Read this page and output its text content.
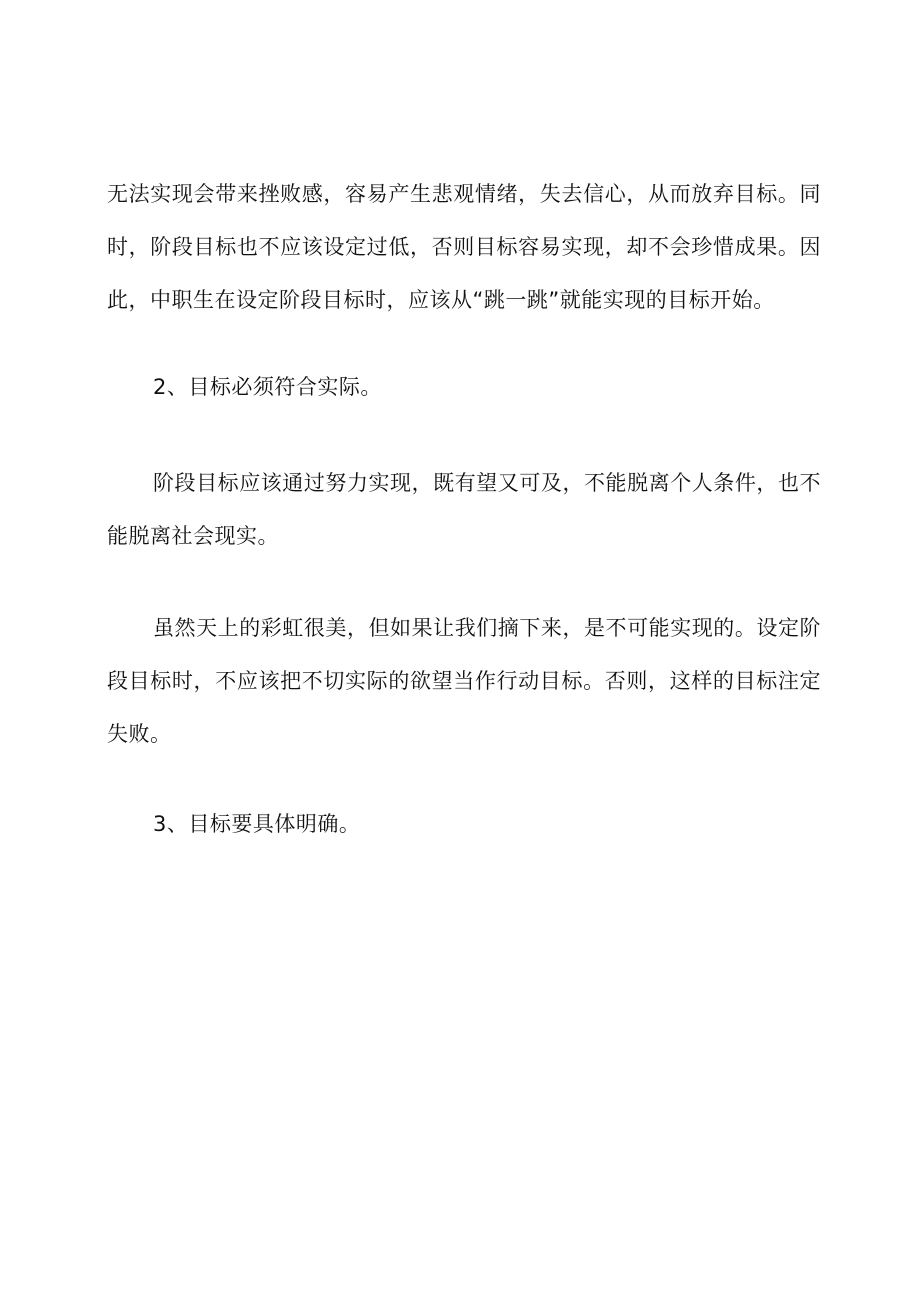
无法实现会带来挫败感，容易产生悲观情绪，失去信心，从而放弃目标。同时，阶段目标也不应该设定过低，否则目标容易实现，却不会珍惜成果。因此，中职生在设定阶段目标时，应该从“跳一跳”就能实现的目标开始。

2、目标必须符合实际。

阶段目标应该通过努力实现，既有望又可及，不能脱离个人条件，也不能脱离社会现实。

虽然天上的彩虹很美，但如果让我们摘下来，是不可能实现的。设定阶段目标时，不应该把不切实际的欲望当作行动目标。否则，这样的目标注定失败。

3、目标要具体明确。
